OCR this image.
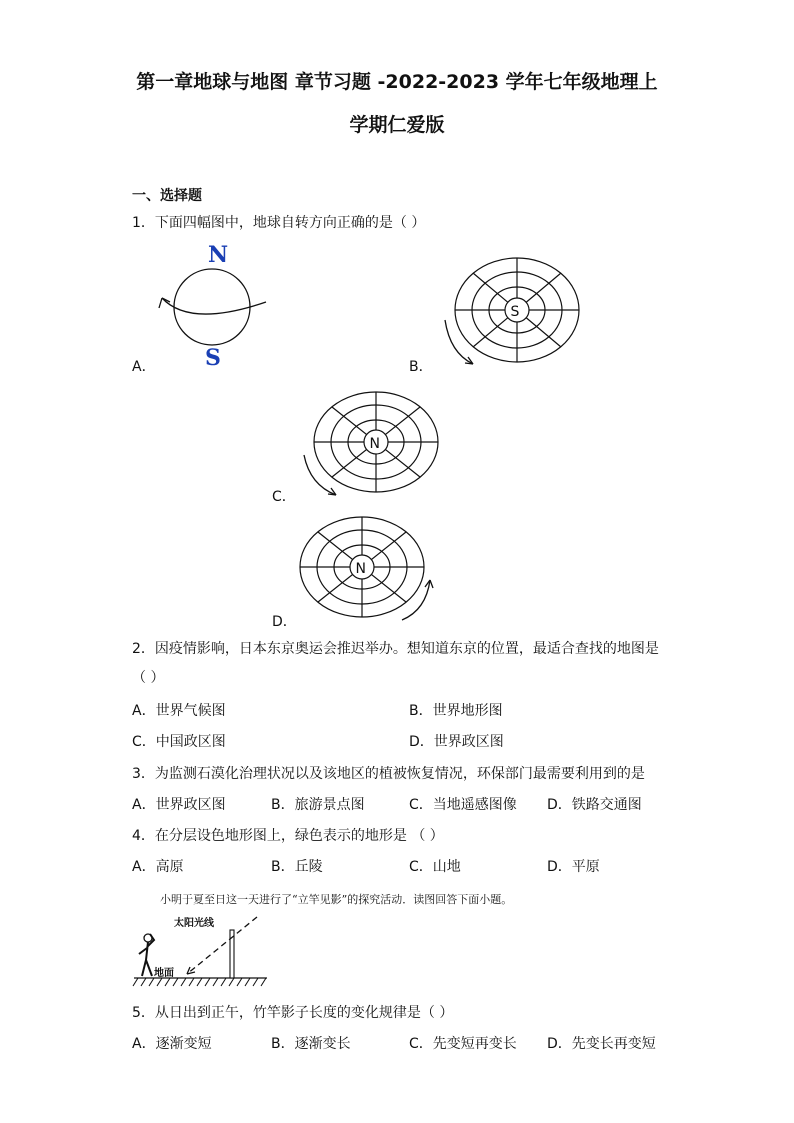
第一章地球与地图 章节习题 -2022-2023 学年七年级地理上
学期仁爱版
一、选择题
1．下面四幅图中，地球自转方向正确的是（ ）
N
S
A．
S
B．
N
C．
N
D．
2．因疫情影响，日本东京奥运会推迟举办。想知道东京的位置，最适合查找的地图是
（ ）
A．世界气候图	B．世界地形图
C．中国政区图	D．世界政区图
3．为监测石漠化治理状况以及该地区的植被恢复情况，环保部门最需要利用到的是
A．世界政区图	B．旅游景点图	C．当地遥感图像 D．铁路交通图
4．在分层设色地形图上，绿色表示的地形是 （ ）
A．高原	B．丘陵	C．山地	D．平原
小明于夏至日这一天进行了“立竿见影”的探究活动．读图回答下面小题。
太阳光线
地面
5．从日出到正午，竹竿影子长度的变化规律是（ ）
A．逐渐变短	B．逐渐变长	C．先变短再变长 D．先变长再变短
